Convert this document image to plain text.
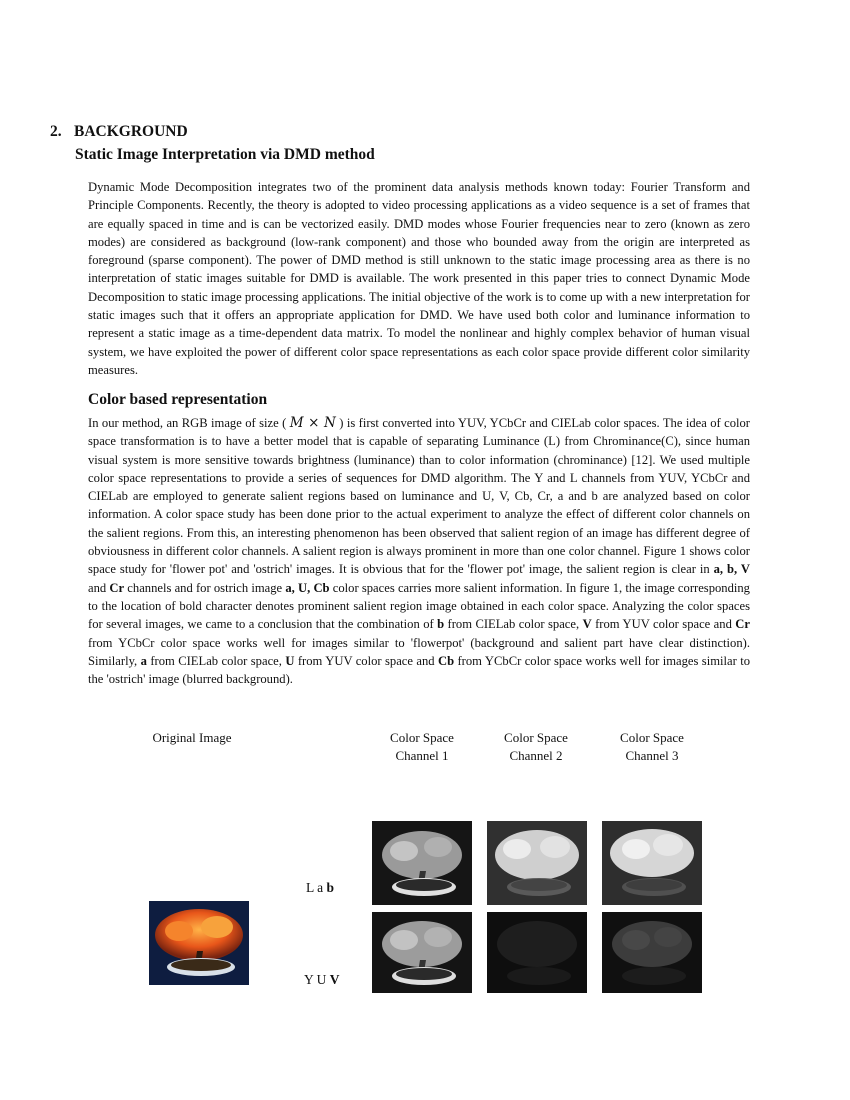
2. BACKGROUND
Static Image Interpretation via DMD method
Dynamic Mode Decomposition integrates two of the prominent data analysis methods known today: Fourier Transform and Principle Components. Recently, the theory is adopted to video processing applications as a video sequence is a set of frames that are equally spaced in time and is can be vectorized easily. DMD modes whose Fourier frequencies near to zero (known as zero modes) are considered as background (low-rank component) and those who bounded away from the origin are interpreted as foreground (sparse component). The power of DMD method is still unknown to the static image processing area as there is no interpretation of static images suitable for DMD is available. The work presented in this paper tries to connect Dynamic Mode Decomposition to static image processing applications. The initial objective of the work is to come up with a new interpretation for static images such that it offers an appropriate application for DMD. We have used both color and luminance information to represent a static image as a time-dependent data matrix. To model the nonlinear and highly complex behavior of human visual system, we have exploited the power of different color space representations as each color space provide different color similarity measures.
Color based representation
In our method, an RGB image of size ( M × N ) is first converted into YUV, YCbCr and CIELab color spaces. The idea of color space transformation is to have a better model that is capable of separating Luminance (L) from Chrominance(C), since human visual system is more sensitive towards brightness (luminance) than to color information (chrominance) [12]. We used multiple color space representations to provide a series of sequences for DMD algorithm. The Y and L channels from YUV, YCbCr and CIELab are employed to generate salient regions based on luminance and U, V, Cb, Cr, a and b are analyzed based on color information. A color space study has been done prior to the actual experiment to analyze the effect of different color channels on the salient regions. From this, an interesting phenomenon has been observed that salient region of an image has different degree of obviousness in different color channels. A salient region is always prominent in more than one color channel. Figure 1 shows color space study for 'flower pot' and 'ostrich' images. It is obvious that for the 'flower pot' image, the salient region is clear in a, b, V and Cr channels and for ostrich image a, U, Cb color spaces carries more salient information. In figure 1, the image corresponding to the location of bold character denotes prominent salient region image obtained in each color space. Analyzing the color spaces for several images, we came to a conclusion that the combination of b from CIELab color space, V from YUV color space and Cr from YCbCr color space works well for images similar to 'flowerpot' (background and salient part have clear distinction). Similarly, a from CIELab color space, U from YUV color space and Cb from YCbCr color space works well for images similar to the 'ostrich' image (blurred background).
Original Image	Color Space
Channel 1
Color Space
Channel 2
Color Space
Channel 3
L a b
Y U V
